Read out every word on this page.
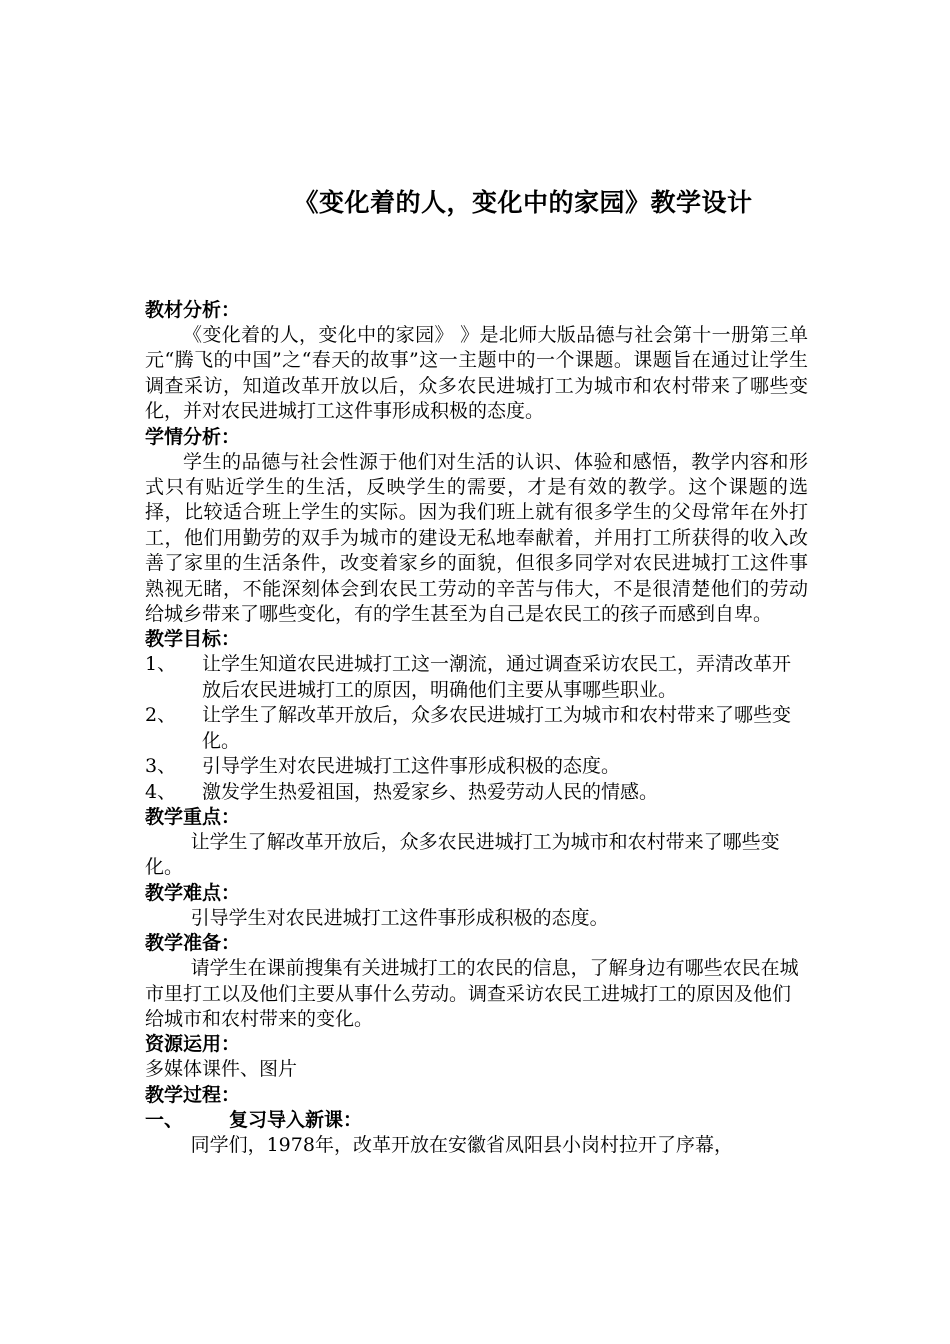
《变化着的人，变化中的家园》教学设计
教材分析：

《变化着的人，变化中的家园》 》是北师大版品德与社会第十一册第三单元“腾飞的中国”之“春天的故事”这一主题中的一个课题。课题旨在通过让学生调查采访，知道改革开放以后，众多农民进城打工为城市和农村带来了哪些变化，并对农民进城打工这件事形成积极的态度。

学情分析：

学生的品德与社会性源于他们对生活的认识、体验和感悟，教学内容和形式只有贴近学生的生活，反映学生的需要，才是有效的教学。这个课题的选择，比较适合班上学生的实际。因为我们班上就有很多学生的父母常年在外打工，他们用勤劳的双手为城市的建设无私地奉献着，并用打工所获得的收入改善了家里的生活条件，改变着家乡的面貌，但很多同学对农民进城打工这件事熟视无睹，不能深刻体会到农民工劳动的辛苦与伟大，不是很清楚他们的劳动给城乡带来了哪些变化，有的学生甚至为自己是农民工的孩子而感到自卑。

教学目标：

1、 让学生知道农民进城打工这一潮流，通过调查采访农民工，弄清改革开放后农民进城打工的原因，明确他们主要从事哪些职业。

2、 让学生了解改革开放后，众多农民进城打工为城市和农村带来了哪些变化。

3、 引导学生对农民进城打工这件事形成积极的态度。

4、 激发学生热爱祖国，热爱家乡、热爱劳动人民的情感。

教学重点：

让学生了解改革开放后，众多农民进城打工为城市和农村带来了哪些变化。

教学难点：

引导学生对农民进城打工这件事形成积极的态度。

教学准备：

请学生在课前搜集有关进城打工的农民的信息，了解身边有哪些农民在城市里打工以及他们主要从事什么劳动。调查采访农民工进城打工的原因及他们给城市和农村带来的变化。

资源运用：

多媒体课件、图片

教学过程：
一、 复习导入新课：

同学们，1978年，改革开放在安徽省凤阳县小岗村拉开了序幕，
